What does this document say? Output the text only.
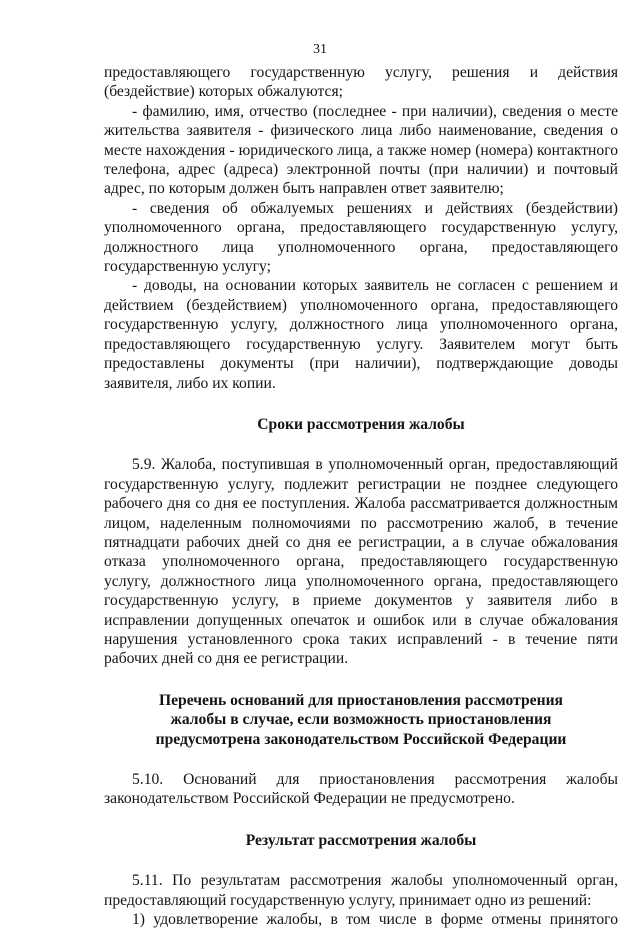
31

предоставляющего государственную услугу, решения и действия (бездействие) которых обжалуются;

- фамилию, имя, отчество (последнее - при наличии), сведения о месте жительства заявителя - физического лица либо наименование, сведения о месте нахождения - юридического лица, а также номер (номера) контактного телефона, адрес (адреса) электронной почты (при наличии) и почтовый адрес, по которым должен быть направлен ответ заявителю;

- сведения об обжалуемых решениях и действиях (бездействии) уполномоченного органа, предоставляющего государственную услугу, должностного лица уполномоченного органа, предоставляющего государственную услугу;

- доводы, на основании которых заявитель не согласен с решением и действием (бездействием) уполномоченного органа, предоставляющего государственную услугу, должностного лица уполномоченного органа, предоставляющего государственную услугу. Заявителем могут быть предоставлены документы (при наличии), подтверждающие доводы заявителя, либо их копии.

Сроки рассмотрения жалобы

5.9. Жалоба, поступившая в уполномоченный орган, предоставляющий государственную услугу, подлежит регистрации не позднее следующего рабочего дня со дня ее поступления. Жалоба рассматривается должностным лицом, наделенным полномочиями по рассмотрению жалоб, в течение пятнадцати рабочих дней со дня ее регистрации, а в случае обжалования отказа уполномоченного органа, предоставляющего государственную услугу, должностного лица уполномоченного органа, предоставляющего государственную услугу, в приеме документов у заявителя либо в исправлении допущенных опечаток и ошибок или в случае обжалования нарушения установленного срока таких исправлений - в течение пяти рабочих дней со дня ее регистрации.

Перечень оснований для приостановления рассмотрения
жалобы в случае, если возможность приостановления
предусмотрена законодательством Российской Федерации

5.10. Оснований для приостановления рассмотрения жалобы законодательством Российской Федерации не предусмотрено.

Результат рассмотрения жалобы

5.11. По результатам рассмотрения жалобы уполномоченный орган, предоставляющий государственную услугу, принимает одно из решений:

1) удовлетворение жалобы, в том числе в форме отмены принятого
